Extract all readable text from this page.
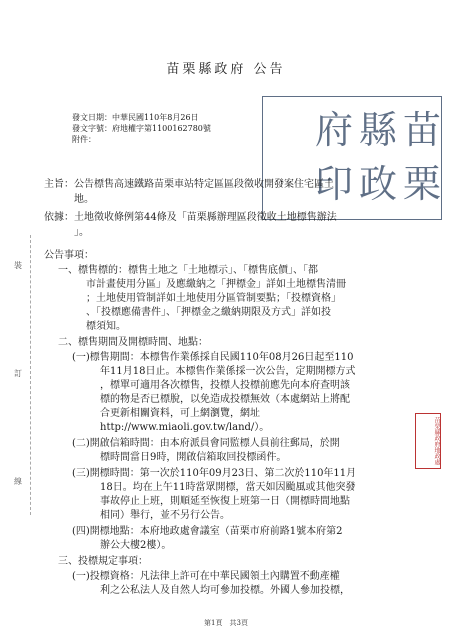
苗栗縣政府 公告
發文日期：中華民國110年8月26日
發文字號：府地權字第1100162780號
附件：	苗
縣
府
栗
政
印
裝
訂
線
主旨： 公告標售高速鐵路苗栗車站特定區區段徵收開發案住宅區土
地。
依據： 土地徵收條例第44條及「苗栗縣辦理區段徵收土地標售辦法
」。
公告事項：
一、標售標的：標售土地之「土地標示」、「標售底價」、「都
市計畫使用分區」及應繳納之「押標金」詳如土地標售清冊
；土地使用管制詳如土地使用分區管制要點；「投標資格」
、「投標應備書件」、「押標金之繳納期限及方式」詳如投
標須知。
二、標售期間及開標時間、地點：
(一)標售期間：本標售作業係採自民國110年08月26日起至110
年11月18日止。本標售作業係採一次公告，定期開標方式
，標單可適用各次標售，投標人投標前應先向本府查明該
標的物是否已標脫，以免造成投標無效（本處網站上將配
合更新相關資料，可上網瀏覽，網址
http://www.miaoli.gov.tw/land/）。
(二)開啟信箱時間：由本府派員會同監標人員前往郵局，於開
標時間當日9時，開啟信箱取回投標函件。
(三)開標時間：第一次於110年09月23日、第二次於110年11月
18日。均在上午11時當眾開標，當天如因颱風或其他突發
事故停止上班，則順延至恢復上班第一日（開標時間地點
相同）舉行，並不另行公告。
(四)開標地點：本府地政處會議室（苗栗市府前路1號本府第2
辦公大樓2樓）。
三、投標規定事項：
(一)投標資格：凡法律上許可在中華民國領土內購置不動產權
利之公私法人及自然人均可參加投標。外國人參加投標，
苗栗縣政府地政處
第1頁　共3頁
